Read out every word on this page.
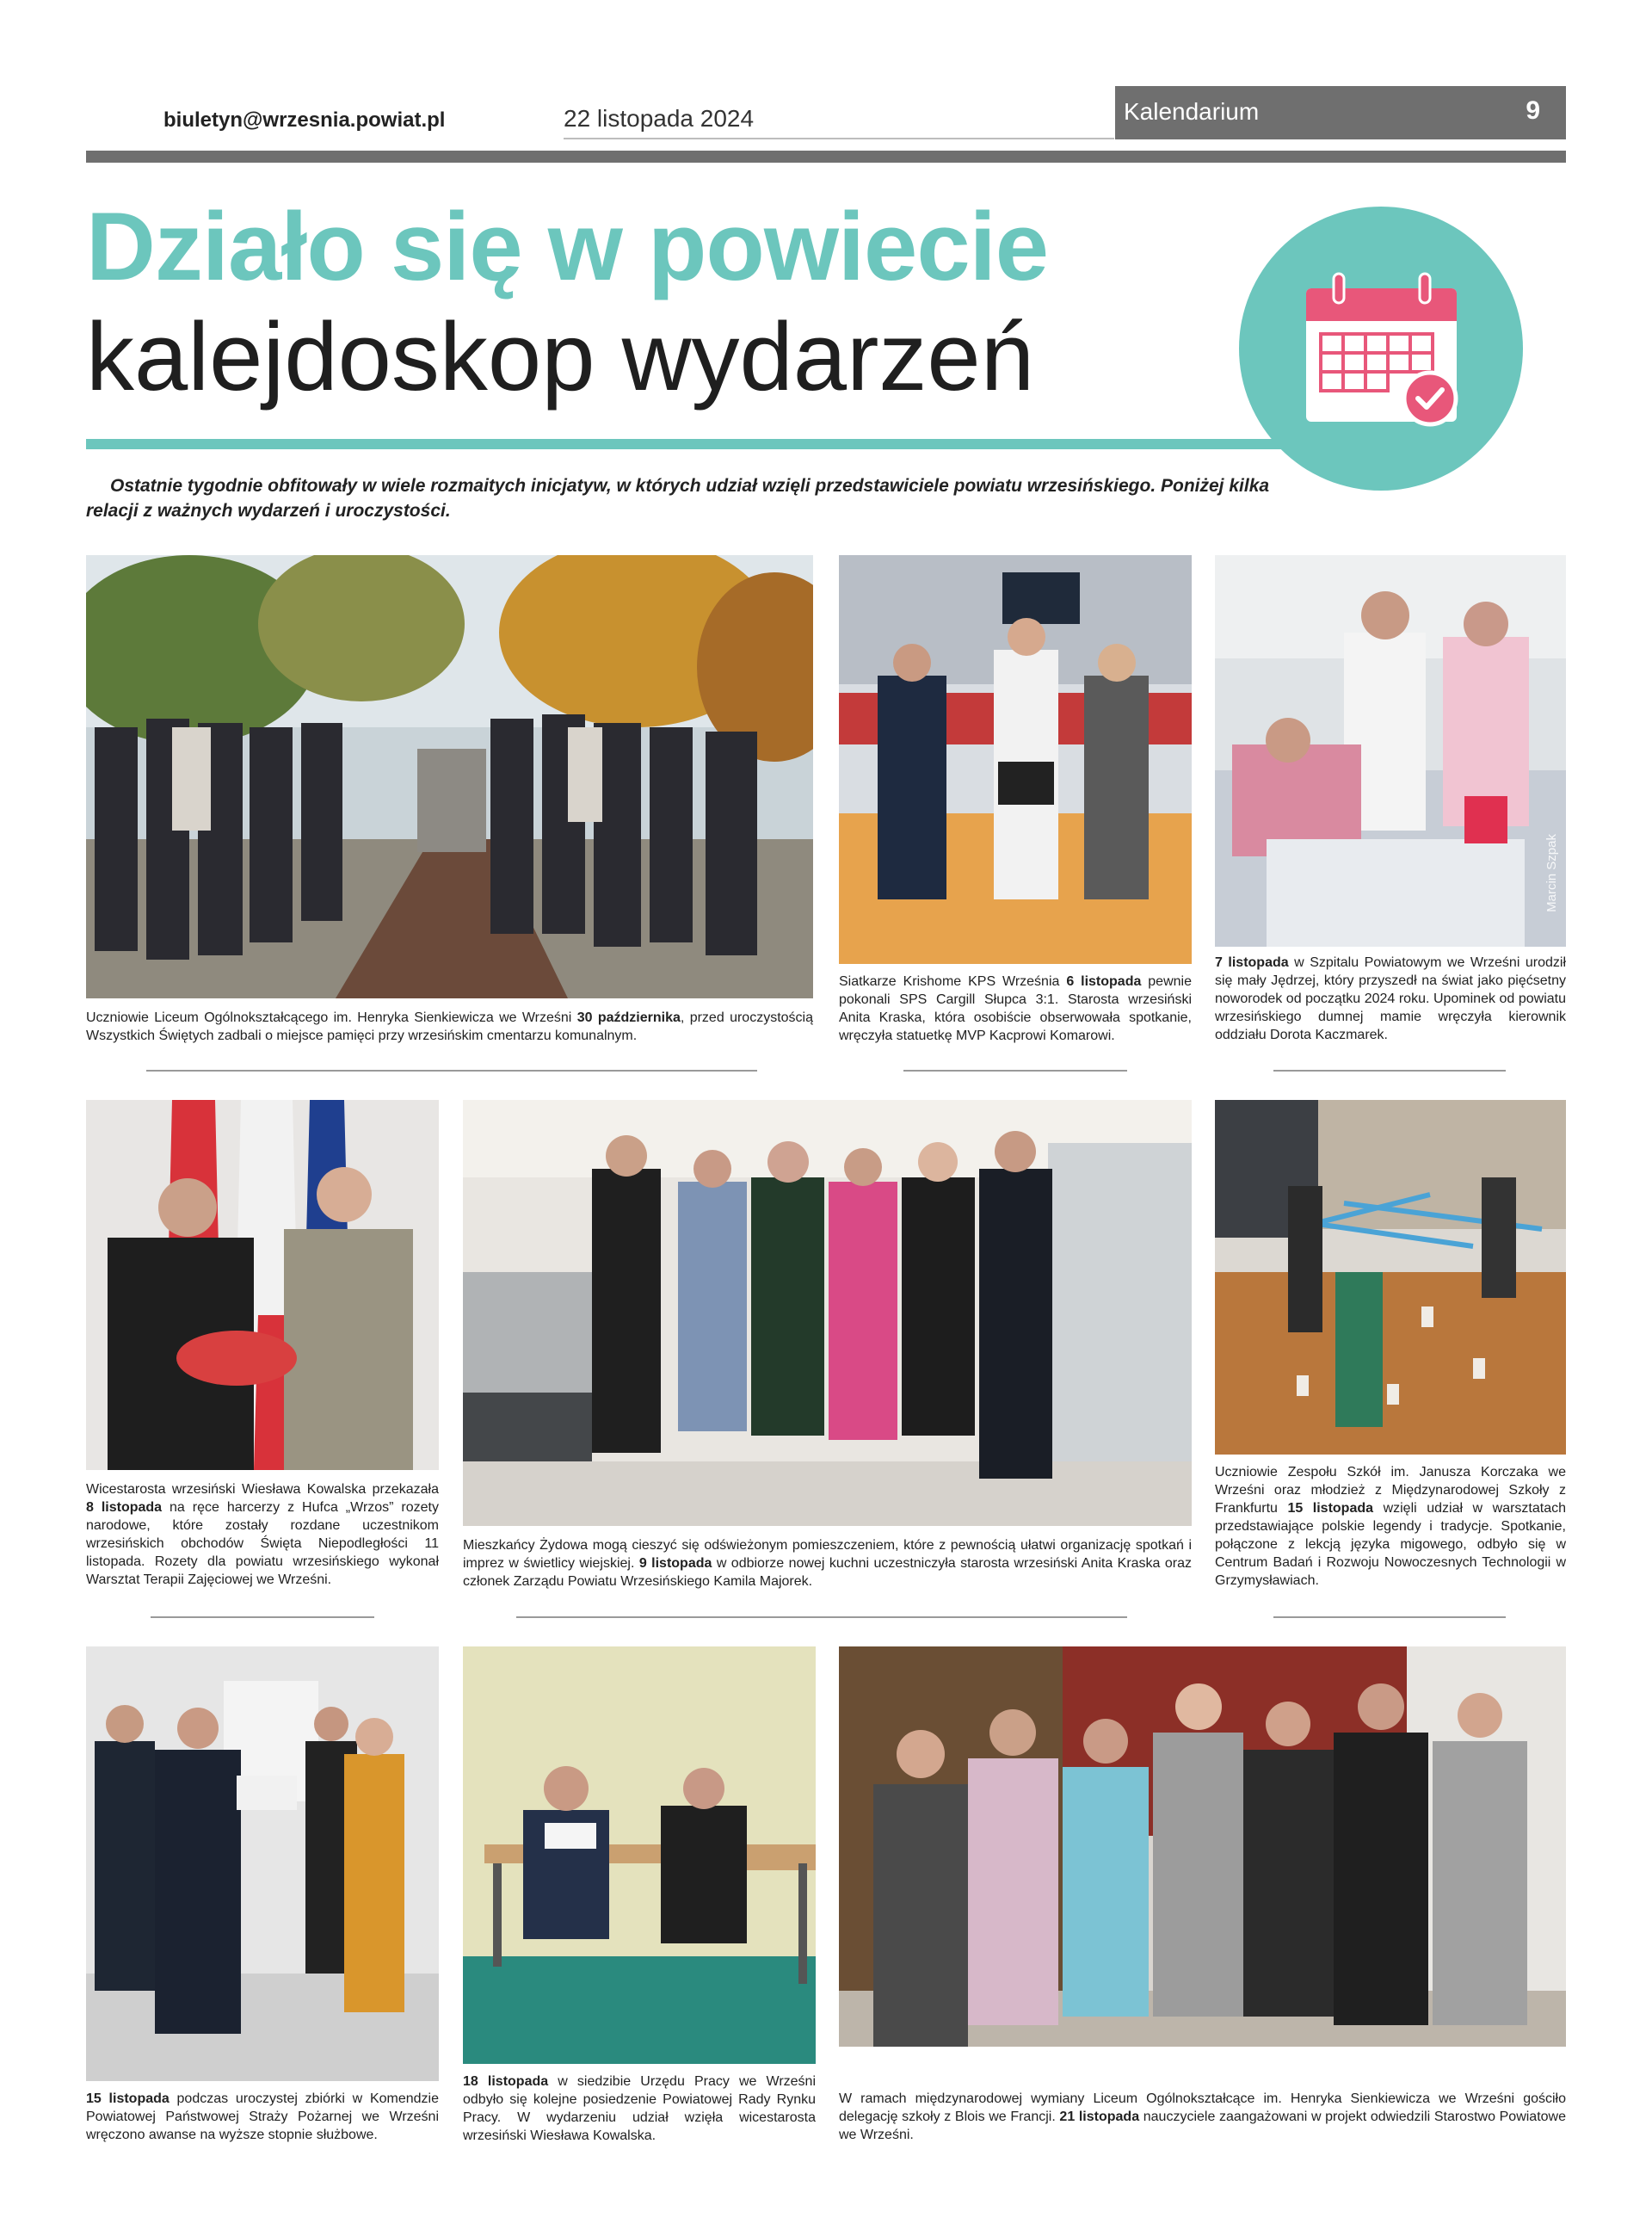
biuletyn@wrzesnia.powiat.pl	22 listopada 2024	Kalendarium	9
Działo się w powiecie
kalejdoskop wydarzeń
Ostatnie tygodnie obfitowały w wiele rozmaitych inicjatyw, w których udział wzięli przedstawiciele powiatu wrzesińskiego. Poniżej kilka relacji z ważnych wydarzeń i uroczystości.
Marcin Szpak
Uczniowie Liceum Ogólnokształcącego im. Henryka Sienkiewicza we Wrześni 30 października, przed uroczystością Wszystkich Świętych zadbali o miejsce pamięci przy wrzesińskim cmentarzu komunalnym.
Siatkarze Krishome KPS Września 6 listopada pewnie pokonali SPS Cargill Słupca 3:1. Starosta wrzesiński Anita Kraska, która osobiście obserwowała spotkanie, wręczyła statuetkę MVP Kacprowi Komarowi.
7 listopada w Szpitalu Powiatowym we Wrześni urodził się mały Jędrzej, który przyszedł na świat jako pięćsetny noworodek od początku 2024 roku. Upominek od powiatu wrzesińskiego dumnej mamie wręczyła kierownik oddziału Dorota Kaczmarek.
Wicestarosta wrzesiński Wiesława Kowalska przekazała 8 listopada na ręce harcerzy z Hufca „Wrzos” rozety narodowe, które zostały rozdane uczestnikom wrzesińskich obchodów Święta Niepodległości 11 listopada. Rozety dla powiatu wrzesińskiego wykonał Warsztat Terapii Zajęciowej we Wrześni.
Mieszkańcy Żydowa mogą cieszyć się odświeżonym pomieszczeniem, które z pewnością ułatwi organizację spotkań i imprez w świetlicy wiejskiej. 9 listopada w odbiorze nowej kuchni uczestniczyła starosta wrzesiński Anita Kraska oraz członek Zarządu Powiatu Wrzesińskiego Kamila Majorek.
Uczniowie Zespołu Szkół im. Janusza Korczaka we Wrześni oraz młodzież z Międzynarodowej Szkoły z Frankfurtu 15 listopada wzięli udział w warsztatach przedstawiające polskie legendy i tradycje. Spotkanie, połączone z lekcją języka migowego, odbyło się w Centrum Badań i Rozwoju Nowoczesnych Technologii w Grzymysławiach.
15 listopada podczas uroczystej zbiórki w Komendzie Powiatowej Państwowej Straży Pożarnej we Wrześni wręczono awanse na wyższe stopnie służbowe.
18 listopada w siedzibie Urzędu Pracy we Wrześni odbyło się kolejne posiedzenie Powiatowej Rady Rynku Pracy. W wydarzeniu udział wzięła wicestarosta wrzesiński Wiesława Kowalska.
W ramach międzynarodowej wymiany Liceum Ogólnokształcące im. Henryka Sienkiewicza we Wrześni gościło delegację szkoły z Blois we Francji. 21 listopada nauczyciele zaangażowani w projekt odwiedzili Starostwo Powiatowe we Wrześni.
